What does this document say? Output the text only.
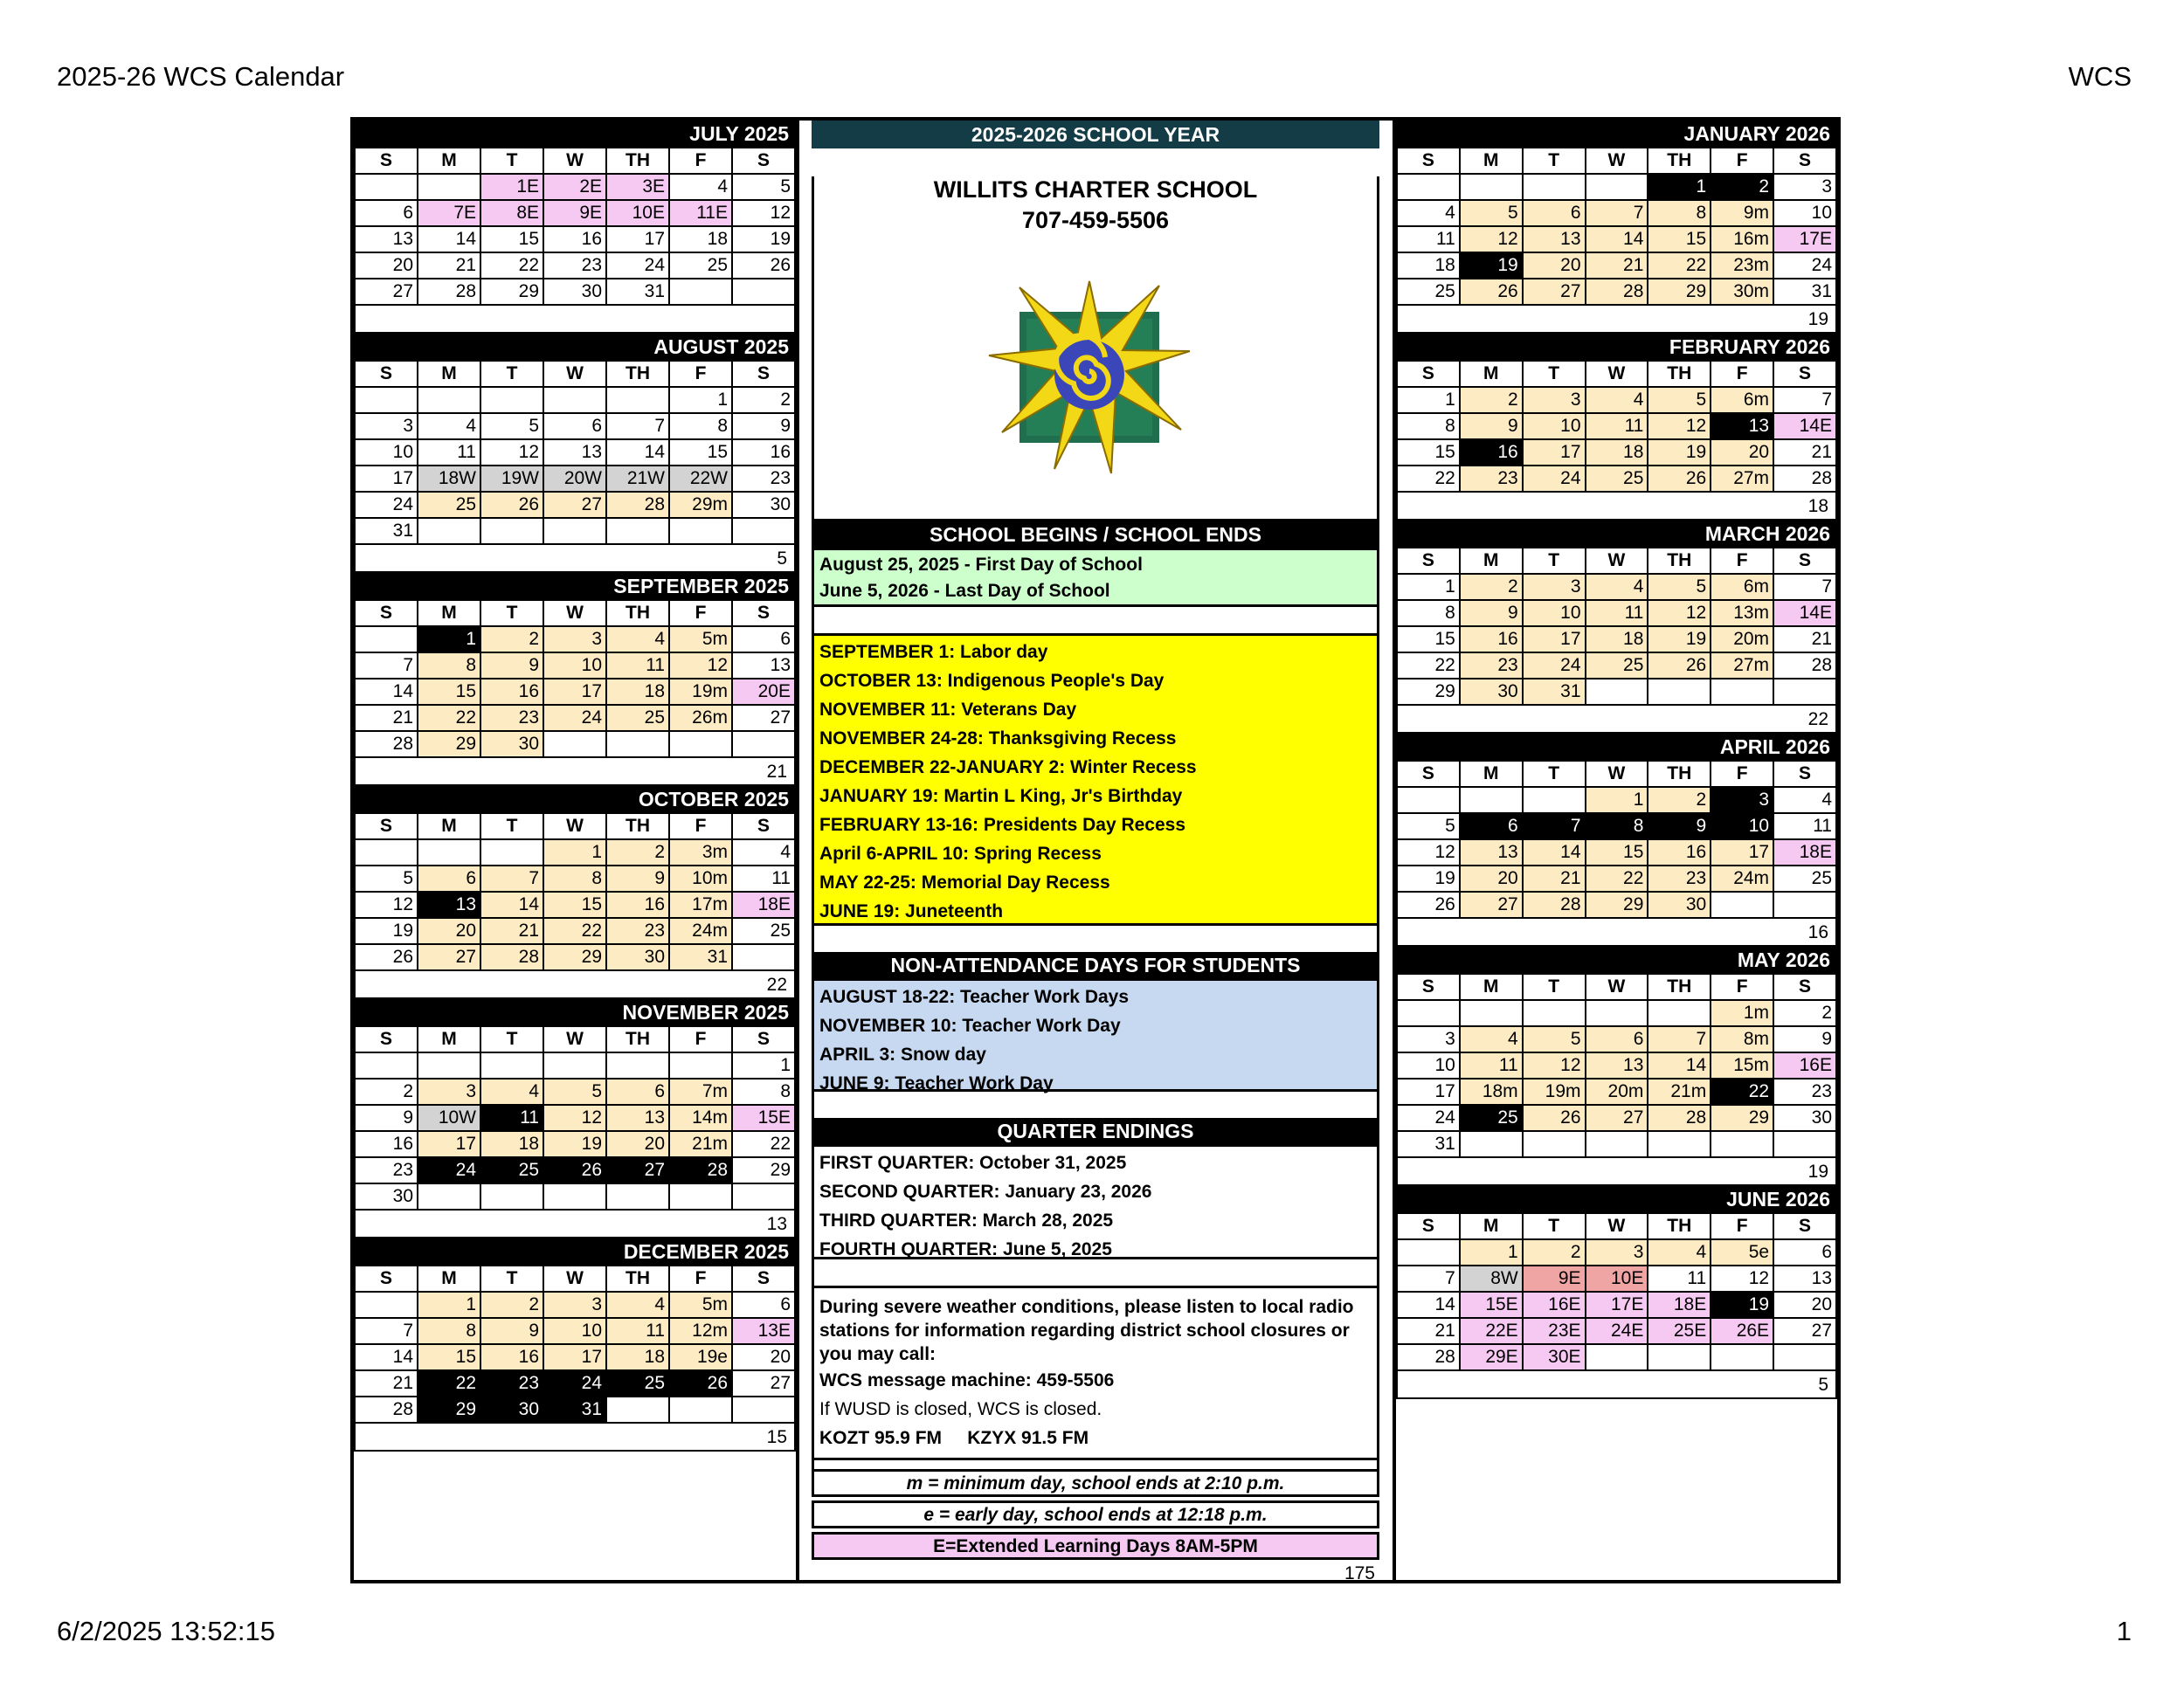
2025-26 WCS Calendar	WCS
6/2/2025 13:52:15	1
JULY 2025
S	M	T	W	TH	F	S
		1E	2E	3E	4	5
6	7E	8E	9E	10E	11E	12
13	14	15	16	17	18	19
20	21	22	23	24	25	26
27	28	29	30	31		
AUGUST 2025
S	M	T	W	TH	F	S
					1	2
3	4	5	6	7	8	9
10	11	12	13	14	15	16
17	18W	19W	20W	21W	22W	23
24	25	26	27	28	29m	30
31						
5
SEPTEMBER 2025
S	M	T	W	TH	F	S
	1	2	3	4	5m	6
7	8	9	10	11	12	13
14	15	16	17	18	19m	20E
21	22	23	24	25	26m	27
28	29	30				
21
OCTOBER 2025
S	M	T	W	TH	F	S
			1	2	3m	4
5	6	7	8	9	10m	11
12	13	14	15	16	17m	18E
19	20	21	22	23	24m	25
26	27	28	29	30	31	
22
NOVEMBER 2025
S	M	T	W	TH	F	S
						1
2	3	4	5	6	7m	8
9	10W	11	12	13	14m	15E
16	17	18	19	20	21m	22
23	24	25	26	27	28	29
30						
13
DECEMBER 2025
S	M	T	W	TH	F	S
	1	2	3	4	5m	6
7	8	9	10	11	12m	13E
14	15	16	17	18	19e	20
21	22	23	24	25	26	27
28	29	30	31			
15
JANUARY 2026
S	M	T	W	TH	F	S
				1	2	3
4	5	6	7	8	9m	10
11	12	13	14	15	16m	17E
18	19	20	21	22	23m	24
25	26	27	28	29	30m	31
19
FEBRUARY 2026
S	M	T	W	TH	F	S
1	2	3	4	5	6m	7
8	9	10	11	12	13	14E
15	16	17	18	19	20	21
22	23	24	25	26	27m	28
18
MARCH 2026
S	M	T	W	TH	F	S
1	2	3	4	5	6m	7
8	9	10	11	12	13m	14E
15	16	17	18	19	20m	21
22	23	24	25	26	27m	28
29	30	31				
22
APRIL 2026
S	M	T	W	TH	F	S
			1	2	3	4
5	6	7	8	9	10	11
12	13	14	15	16	17	18E
19	20	21	22	23	24m	25
26	27	28	29	30		
16
MAY 2026
S	M	T	W	TH	F	S
					1m	2
3	4	5	6	7	8m	9
10	11	12	13	14	15m	16E
17	18m	19m	20m	21m	22	23
24	25	26	27	28	29	30
31						
19
JUNE 2026
S	M	T	W	TH	F	S
	1	2	3	4	5e	6
7	8W	9E	10E	11	12	13
14	15E	16E	17E	18E	19	20
21	22E	23E	24E	25E	26E	27
28	29E	30E				
5
2025-2026 SCHOOL YEAR
WILLITS CHARTER SCHOOL
707-459-5506
SCHOOL BEGINS / SCHOOL ENDS
August 25, 2025 - First Day of School
June 5, 2026 - Last Day of School
SEPTEMBER 1: Labor day
OCTOBER 13: Indigenous People's Day
NOVEMBER 11: Veterans Day
NOVEMBER 24-28: Thanksgiving Recess
DECEMBER 22-JANUARY 2: Winter Recess
JANUARY 19: Martin L King, Jr's Birthday
FEBRUARY 13-16: Presidents Day Recess
April 6-APRIL 10: Spring Recess
MAY 22-25: Memorial Day Recess
JUNE 19: Juneteenth
NON-ATTENDANCE DAYS FOR STUDENTS
AUGUST 18-22: Teacher Work Days
NOVEMBER 10: Teacher Work Day
APRIL 3: Snow day
JUNE 9: Teacher Work Day
QUARTER ENDINGS
FIRST QUARTER: October 31, 2025
SECOND QUARTER: January 23, 2026
THIRD QUARTER: March 28, 2025
FOURTH QUARTER: June 5, 2025
During severe weather conditions, please listen to local radio stations for information regarding district school closures or you may call:
WCS message machine: 459-5506
If WUSD is closed, WCS is closed.
KOZT 95.9 FM     KZYX 91.5 FM
m = minimum day, school ends at 2:10 p.m.
e = early day, school ends at 12:18 p.m.
E=Extended Learning Days 8AM-5PM
175
